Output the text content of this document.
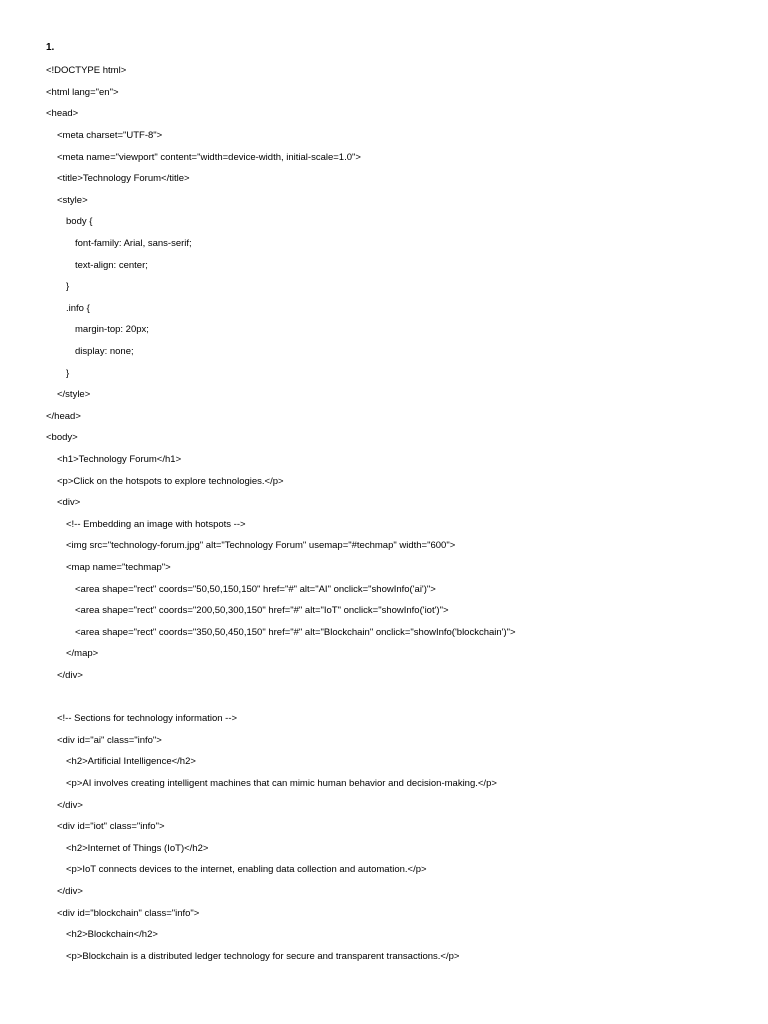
1.
<!DOCTYPE html>
<html lang="en">
<head>
<meta charset="UTF-8">
<meta name="viewport" content="width=device-width, initial-scale=1.0">
<title>Technology Forum</title>
<style>
body {
font-family: Arial, sans-serif;
text-align: center;
}
.info {
margin-top: 20px;
display: none;
}
</style>
</head>
<body>
<h1>Technology Forum</h1>
<p>Click on the hotspots to explore technologies.</p>
<div>
<!-- Embedding an image with hotspots -->
<img src="technology-forum.jpg" alt="Technology Forum" usemap="#techmap" width="600">
<map name="techmap">
<area shape="rect" coords="50,50,150,150" href="#" alt="AI" onclick="showInfo('ai')">
<area shape="rect" coords="200,50,300,150" href="#" alt="IoT" onclick="showInfo('iot')">
<area shape="rect" coords="350,50,450,150" href="#" alt="Blockchain" onclick="showInfo('blockchain')">
</map>
</div>
<!-- Sections for technology information -->
<div id="ai" class="info">
<h2>Artificial Intelligence</h2>
<p>AI involves creating intelligent machines that can mimic human behavior and decision-making.</p>
</div>
<div id="iot" class="info">
<h2>Internet of Things (IoT)</h2>
<p>IoT connects devices to the internet, enabling data collection and automation.</p>
</div>
<div id="blockchain" class="info">
<h2>Blockchain</h2>
<p>Blockchain is a distributed ledger technology for secure and transparent transactions.</p>
